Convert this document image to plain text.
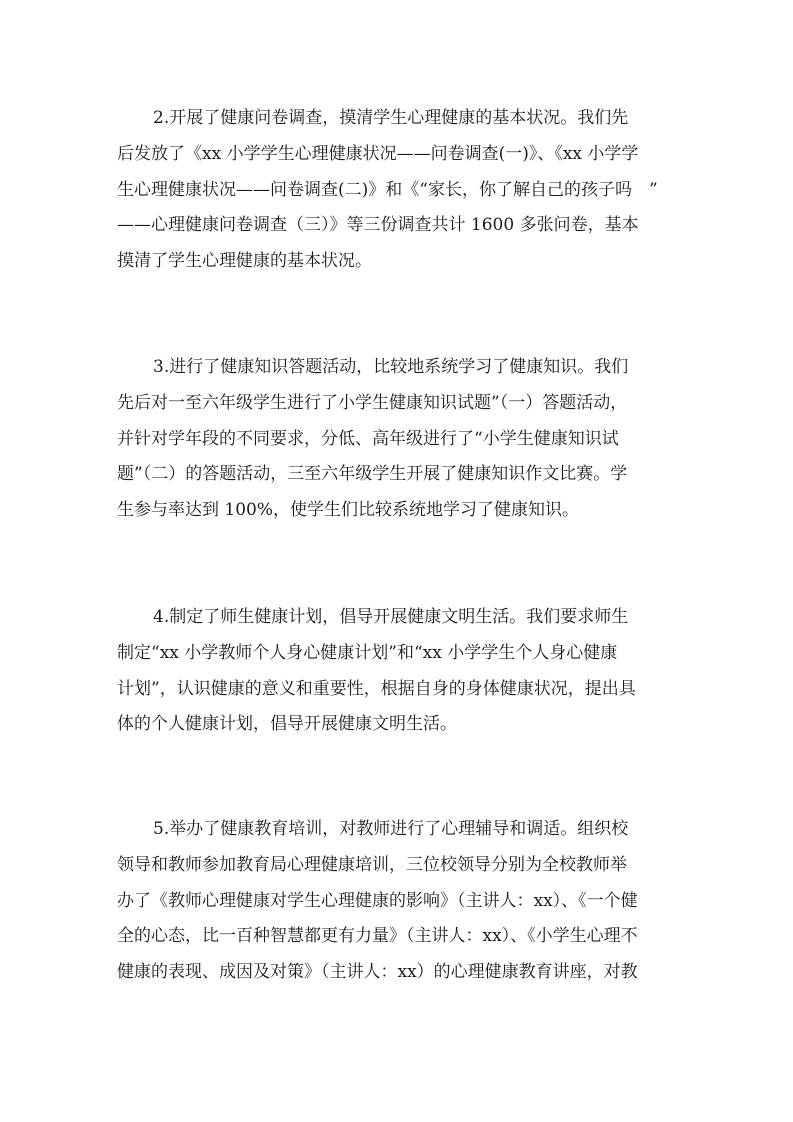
2.开展了健康问卷调查，摸清学生心理健康的基本状况。我们先
后发放了《xx 小学学生心理健康状况——问卷调查(一)》、《xx 小学学
生心理健康状况——问卷调查(二)》和《“家长，你了解自己的孩子吗　”
——心理健康问卷调查（三）》等三份调查共计 1600 多张问卷，基本
摸清了学生心理健康的基本状况。
3.进行了健康知识答题活动，比较地系统学习了健康知识。我们
先后对一至六年级学生进行了小学生健康知识试题”（一）答题活动，
并针对学年段的不同要求，分低、高年级进行了“小学生健康知识试
题”（二）的答题活动，三至六年级学生开展了健康知识作文比赛。学
生参与率达到 100%，使学生们比较系统地学习了健康知识。
4.制定了师生健康计划，倡导开展健康文明生活。我们要求师生
制定“xx 小学教师个人身心健康计划”和“xx 小学学生个人身心健康
计划”，认识健康的意义和重要性，根据自身的身体健康状况，提出具
体的个人健康计划，倡导开展健康文明生活。
5.举办了健康教育培训，对教师进行了心理辅导和调适。组织校
领导和教师参加教育局心理健康培训，三位校领导分别为全校教师举
办了《教师心理健康对学生心理健康的影响》（主讲人：xx）、《一个健
全的心态，比一百种智慧都更有力量》（主讲人：xx）、《小学生心理不
健康的表现、成因及对策》（主讲人：xx）的心理健康教育讲座，对教
